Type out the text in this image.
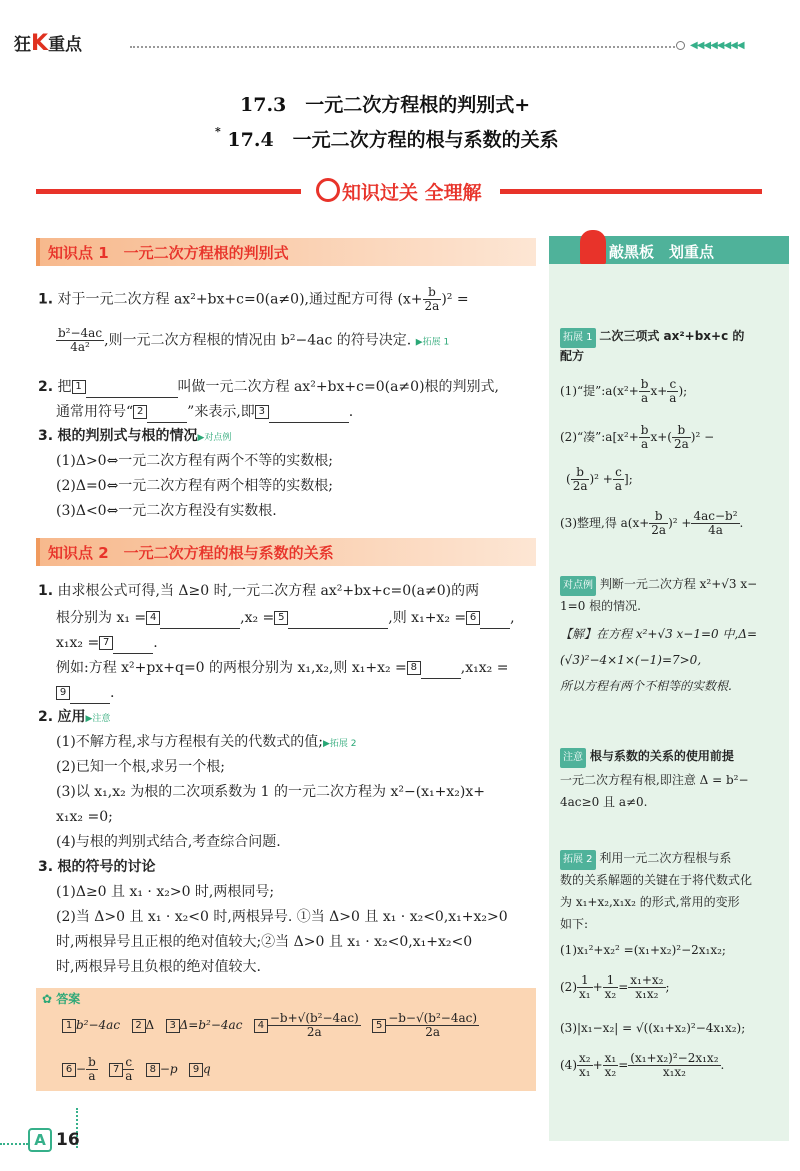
狂K重点	◀◀◀◀◀◀◀◀
17.3　一元二次方程根的判别式+
* 17.4　一元二次方程的根与系数的关系
知识过关 全理解
知识点 1　一元二次方程根的判别式
1. 对于一元二次方程 ax²+bx+c=0(a≠0),通过配方可得 $(x+ \frac{b}{2a} )^2$ =
$\frac{\text{b²−4ac}}{\text{4a²}}$ ,则一元二次方程根的情况由 b²−4ac 的符号决定. ▶拓展 1
2. 把 1	叫做一元二次方程 ax²+bx+c=0(a≠0)根的判别式,
通常用符号“ 2	”来表示,即 3	.
3. 根的判别式与根的情况▶对点例
(1)Δ>0⇔一元二次方程有两个不等的实数根;
(2)Δ=0⇔一元二次方程有两个相等的实数根;
(3)Δ<0⇔一元二次方程没有实数根.
知识点 2　一元二次方程的根与系数的关系
1. 由求根公式可得,当 Δ≥0 时,一元二次方程 ax²+bx+c=0(a≠0)的两
根分别为 x₁ = 4	,x₂ = 5	,则 x₁+x₂ = 6 ,
x₁x₂ = 7	.
例如:方程 x²+px+q=0 的两根分别为 x₁,x₂,则 x₁+x₂ = 8	,x₁x₂ =
9	.
2. 应用▶注意
(1)不解方程,求与方程根有关的代数式的值;▶拓展 2
(2)已知一个根,求另一个根;
(3)以 x₁,x₂ 为根的二次项系数为 1 的一元二次方程为 x²−(x₁+x₂)x+
x₁x₂ =0;
(4)与根的判别式结合,考查综合问题.
3. 根的符号的讨论
(1)Δ≥0 且 x₁ · x₂>0 时,两根同号;
(2)当 Δ>0 且 x₁ · x₂<0 时,两根异号. ①当 Δ>0 且 x₁ · x₂<0,x₁+x₂>0
时,两根异号且正根的绝对值较大;②当 Δ>0 且 x₁ · x₂<0,x₁+x₂<0
时,两根异号且负根的绝对值较大.
✿ 答案
1 b²−4ac 2 Δ 3 Δ=b²−4ac $4 \frac{\text{−b+√(b²−4ac)}}{2a} 5 \frac{\text{−b−√(b²−4ac)}}{2a}$
$6 - \frac{b}{a} 7 \frac{c}{a} 8 -p$ 9 q
敲黑板　划重点
拓展 1 二次三项式 ax²+bx+c 的
配方
(1)“提”:a(x²+ $\frac{b}{a} x+ \frac{c}{a}$ );
(2)“凑”:a[x²+ $\frac{b}{a} x+( \frac{b}{2a} )^2$ −
( $\frac{b}{2a} )^2 + \frac{c}{a}$ ];
(3)整理,得 $a(x+ \frac{b}{2a} )^2 + \frac{\text{4ac−b²}}{4a}$ .
对点例 判断一元二次方程 x²+√3 x−
1=0 根的情况.
【解】在方程 x²+√3 x−1=0 中,Δ=
(√3)²−4×1×(−1)=7>0,
所以方程有两个不相等的实数根.
注意 根与系数的关系的使用前提
一元二次方程有根,即注意 Δ = b²−
4ac≥0 且 a≠0.
拓展 2 利用一元二次方程根与系
数的关系解题的关键在于将代数式化
为 x₁+x₂,x₁x₂ 的形式,常用的变形
如下:
(1)x₁²+x₂² =(x₁+x₂)²−2x₁x₂;
$(2) \frac{1}{\text{x₁}} + \frac{1}{\text{x₂}} = \frac{\text{x₁+x₂}}{\text{x₁x₂}}$ ;
(3)|x₁−x₂| = √((x₁+x₂)²−4x₁x₂);
$(4) \frac{\text{x₂}}{\text{x₁}} + \frac{\text{x₁}}{\text{x₂}} = \frac{\text{(x₁+x₂)²−2x₁x₂}}{\text{x₁x₂}}$ .
A 16
